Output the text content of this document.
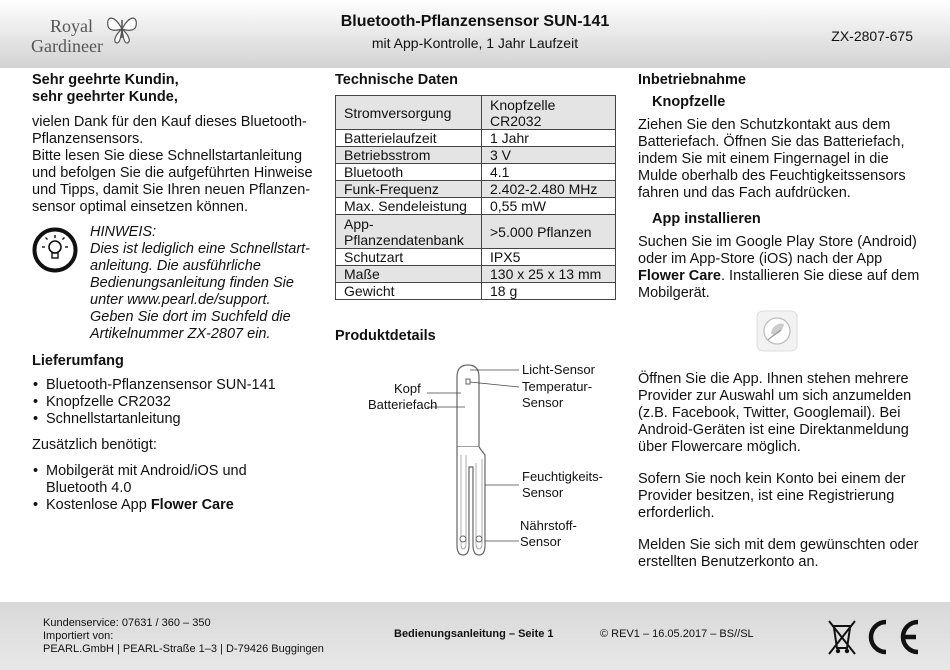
Royal
Gardineer
Bluetooth-Pflanzensensor SUN-141
mit App-Kontrolle, 1 Jahr Laufzeit	ZX-2807-675
Sehr geehrte Kundin,
sehr geehrter Kunde,

vielen Dank für den Kauf dieses Bluetooth-
Pflanzensensors.
Bitte lesen Sie diese Schnellstartanleitung
und befolgen Sie die aufgeführten Hinweise
und Tipps, damit Sie Ihren neuen Pflanzen-
sensor optimal einsetzen können.

HINWEIS:
Dies ist lediglich eine Schnellstart-
anleitung. Die ausführliche
Bedienungsanleitung finden Sie
unter www.pearl.de/support.
Geben Sie dort im Suchfeld die
Artikelnummer ZX-2807 ein.
Lieferumfang
• Bluetooth-Pflanzensensor SUN-141
• Knopfzelle CR2032
• Schnellstartanleitung

Zusätzlich benötigt:

• Mobilgerät mit Android/iOS und
Bluetooth 4.0
• Kostenlose App Flower Care
Technische Daten
Stromversorgung	Knopfzelle CR2032
Batterielaufzeit	1 Jahr
Betriebsstrom	3 V
Bluetooth	4.1
Funk-Frequenz	2.402-2.480 MHz
Max. Sendeleistung	0,55 mW
App-Pflanzendatenbank	>5.000 Pflanzen
Schutzart	IPX5
Maße	130 x 25 x 13 mm
Gewicht	18 g
Produktdetails
Licht-Sensor
Temperatur-
Sensor
Kopf
Batteriefach
Feuchtigkeits-
Sensor
Nährstoff-
Sensor
Inbetriebnahme
Knopfzelle

Ziehen Sie den Schutzkontakt aus dem
Batteriefach. Öffnen Sie das Batteriefach,
indem Sie mit einem Fingernagel in die
Mulde oberhalb des Feuchtigkeitssensors
fahren und das Fach aufdrücken.

App installieren

Suchen Sie im Google Play Store (Android)
oder im App-Store (iOS) nach der App
Flower Care. Installieren Sie diese auf dem
Mobilgerät.

Öffnen Sie die App. Ihnen stehen mehrere
Provider zur Auswahl um sich anzumelden
(z.B. Facebook, Twitter, Googlemail). Bei
Android-Geräten ist eine Direktanmeldung
über Flowercare möglich.

Sofern Sie noch kein Konto bei einem der
Provider besitzen, ist eine Registrierung
erforderlich.

Melden Sie sich mit dem gewünschten oder
erstellten Benutzerkonto an.

Kundenservice: 07631 / 360 – 350
Importiert von:
PEARL.GmbH | PEARL-Straße 1–3 | D-79426 Buggingen
Bedienungsanleitung – Seite 1	© REV1 – 16.05.2017 – BS//SL
